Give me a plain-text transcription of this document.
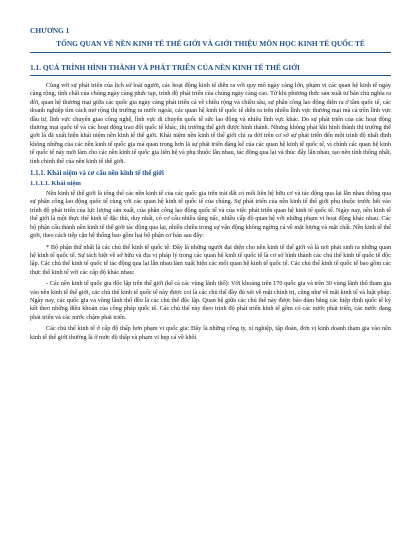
CHƯƠNG 1
TỔNG QUAN VỀ NỀN KINH TẾ THẾ GIỚI VÀ GIỚI THIỆU MÔN HỌC KINH TẾ QUỐC TẾ
1.1. QUÁ TRÌNH HÌNH THÀNH VÀ PHÁT TRIỂN CỦA NỀN KINH TẾ THẾ GIỚI

Cùng với sự phát triển của lịch sử loài người, các hoạt động kinh tế diễn ra với quy mô ngày càng lớn, phạm vi các quan hệ kinh tế ngày càng rộng, tính chất của chúng ngày càng phức tạp, trình độ phát triển của chúng ngày càng cao. Từ khi phương thức sản xuất tư bản chủ nghĩa ra đời, quan hệ thương mại giữa các quốc gia ngày càng phát triển cả về chiều rộng và chiều sâu, sự phân công lao động diễn ra ở tầm quốc tế, các doanh nghiệp tìm cách mở rộng thị trường ra nước ngoài, các quan hệ kinh tế quốc tế diễn ra trên nhiều lĩnh vực thương mại mà cả trên lĩnh vực đầu tư, lĩnh vực chuyển giao công nghệ, lĩnh vực di chuyển quốc tế sức lao động và nhiều lĩnh vực khác. Do sự phát triển của các hoạt động thương mại quốc tế và các hoạt động trao đổi quốc tế khác, thị trường thế giới được hình thành. Nhưng không phải khi hình thành thị trường thế giới là đã xuất hiện khái niệm nền kinh tế thế giới. Khái niệm nền kinh tế thế giới chỉ ra đời trên cơ sở sự phát triển đến một trình độ nhất định không những của các nền kinh tế quốc gia mà quan trọng hơn là sự phát triển đáng kể của các quan hệ kinh tế quốc tế, vì chính các quan hệ kinh tế quốc tế này mới làm cho các nền kinh tế quốc gia liên hệ và phụ thuộc lẫn nhau, tác động qua lại và thúc đẩy lẫn nhau, tạo nên tính thống nhất, tính chỉnh thể của nền kinh tế thế giới.

1.1.1. Khái niệm và cơ cấu nền kinh tế thế giới
1.1.1.1. Khái niệm

Nền kinh tế thế giới là tổng thể các nền kinh tế của các quốc gia trên trái đất có mối liên hệ hữu cơ và tác động qua lại lẫn nhau thông qua sự phân công lao động quốc tế cùng với các quan hệ kinh tế quốc tế của chúng. Sự phát triển của nền kinh tế thế giới phụ thuộc trước hết vào trình độ phát triển của lực lượng sản xuất, của phân công lao động quốc tế và của việc phát triển quan hệ kinh tế quốc tế. Ngày nay, nền kinh tế thế giới là một thực thể kinh tế đặc thù, duy nhất, có cơ cấu nhiều tầng nấc, nhiều cấp độ quan hệ với những phạm vi hoạt động khác nhau. Các bộ phận cấu thành nền kinh tế thế giới tác động qua lại, nhiều chiều trong sự vận động không ngừng cả về mặt lượng và mặt chất. Nền kinh tế thế giới, theo cách tiếp cận hệ thống bao gồm hai bộ phận cơ bản sau đây:

* Bộ phận thứ nhất là các chủ thể kinh tế quốc tế: Đây là những người đại diện cho nền kinh tế thế giới và là nơi phát sinh ra những quan hệ kinh tế quốc tế. Sự tách biệt về sở hữu và địa vị pháp lý trong các quan hệ kinh tế quốc tế là cơ sở hình thành các chủ thể kinh tế quốc tế độc lập. Các chủ thể kinh tế quốc tế tác động qua lại lẫn nhau làm xuất hiện các mối quan hệ kinh tế quốc tế. Các chủ thể kinh tế quốc tế bao gồm các thực thể kinh tế với các cấp độ khác nhau:

- Các nền kinh tế quốc gia độc lập trên thế giới (kể cả các vùng lãnh thổ): Với khoảng trên 170 quốc gia và trên 30 vùng lãnh thổ tham gia vào nền kinh tế thế giới, các chủ thể kinh tế quốc tế này được coi là các chủ thể đầy đủ xét về mặt chính trị, cũng như về mặt kinh tế và luật pháp. Ngày nay, các quốc gia và vùng lãnh thổ đều là các chủ thể độc lập. Quan hệ giữa các chủ thể này được bảo đảm bằng các hiệp định quốc tế ký kết theo những điều khoản của công pháp quốc tế. Các chủ thể này theo trình độ phát triển kinh tế gồm có các nước phát triển, các nước đang phát triển và các nước chậm phát triển.

Các chủ thể kinh tế ở cấp độ thấp hơn phạm vi quốc gia: Đây là những công ty, xí nghiệp, tập đoàn, đơn vị kinh doanh tham gia vào nền kinh tế thế giới thường là ở mức độ thấp và phạm vi hẹp cả về khối
